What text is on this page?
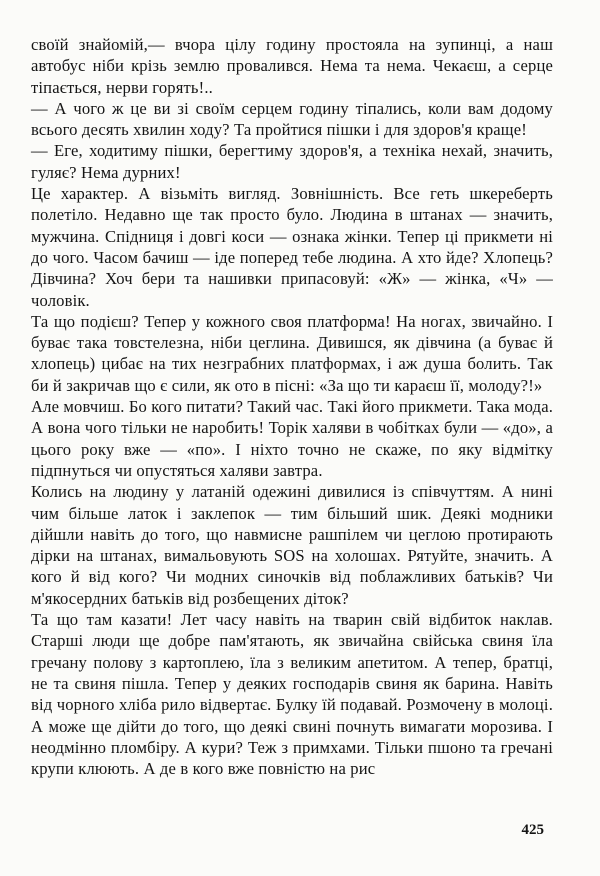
своїй знайомій,— вчора цілу годину простояла на зупинці, а наш автобус ніби крізь землю провалився. Нема та нема. Чекаєш, а серце тіпається, нерви горять!..

— А чого ж це ви зі своїм серцем годину тіпались, коли вам додому всього десять хвилин ходу? Та пройтися пішки і для здоров'я краще!

— Еге, ходитиму пішки, берегтиму здоров'я, а техніка нехай, значить, гуляє? Нема дурних!

Це характер. А візьміть вигляд. Зовнішність. Все геть шкереберть полетіло. Недавно ще так просто було. Людина в штанах — значить, мужчина. Спідниця і довгі коси — ознака жінки. Тепер ці прикмети ні до чого. Часом бачиш — іде поперед тебе людина. А хто йде? Хлопець? Дівчина? Хоч бери та нашивки припасовуй: «Ж» — жінка, «Ч» — чоловік.

Та що подієш? Тепер у кожного своя платформа! На ногах, звичайно. І буває така товстелезна, ніби цеглина. Дивишся, як дівчина (а буває й хлопець) цибає на тих незграбних платформах, і аж душа болить. Так би й закричав що є сили, як ото в пісні: «За що ти караєш її, молоду?!»

Але мовчиш. Бо кого питати? Такий час. Такі його прикмети. Така мода. А вона чого тільки не наробить! Торік халяви в чобітках були — «до», а цього року вже — «по». І ніхто точно не скаже, по яку відмітку підпнуться чи опустяться халяви завтра.

Колись на людину у латаній одежині дивилися із співчуттям. А нині чим більше латок і заклепок — тим більший шик. Деякі модники дійшли навіть до того, що навмисне рашпілем чи цеглою протирають дірки на штанах, вимальовують SOS на холошах. Рятуйте, значить. А кого й від кого? Чи модних синочків від поблажливих батьків? Чи м'якосердних батьків від розбещених діток?

Та що там казати! Лет часу навіть на тварин свій відбиток наклав. Старші люди ще добре пам'ятають, як звичайна свійська свиня їла гречану полову з картоплею, їла з великим апетитом. А тепер, братці, не та свиня пішла. Тепер у деяких господарів свиня як барина. Навіть від чорного хліба рило відвертає. Булку їй подавай. Розмочену в молоці. А може ще дійти до того, що деякі свині почнуть вимагати морозива. І неодмінно пломбіру. А кури? Теж з примхами. Тільки пшоно та гречані крупи клюють. А де в кого вже повністю на рис

425
